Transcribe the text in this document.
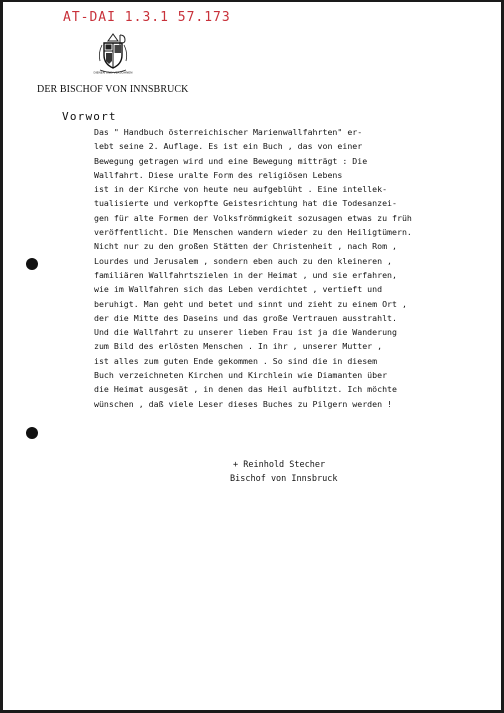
AT-DAI 1.3.1 57.173
DIENEN UND VERSÖHNEN
DER BISCHOF VON INNSBRUCK
Vorwort
Das " Handbuch österreichischer Marienwallfahrten" er-
lebt seine 2. Auflage. Es ist ein Buch , das von einer
Bewegung getragen wird und eine Bewegung mitträgt : Die
Wallfahrt. Diese uralte Form des religiösen Lebens
ist in der Kirche von heute neu aufgeblüht . Eine intellek-
tualisierte und verkopfte Geistesrichtung hat die Todesanzei-
gen für alte Formen der Volksfrömmigkeit sozusagen etwas zu früh
veröffentlicht. Die Menschen wandern wieder zu den Heiligtümern.
Nicht nur zu den großen Stätten der Christenheit , nach Rom ,
Lourdes und Jerusalem , sondern eben auch zu den kleineren ,
familiären Wallfahrtszielen in der Heimat , und sie erfahren,
wie im Wallfahren sich das Leben verdichtet , vertieft und
beruhigt. Man geht und betet und sinnt und zieht zu einem Ort ,
der die Mitte des Daseins und das große Vertrauen ausstrahlt.
Und die Wallfahrt zu unserer lieben Frau ist ja die Wanderung
zum Bild des erlösten Menschen . In ihr , unserer Mutter ,
ist alles zum guten Ende gekommen . So sind die in diesem
Buch verzeichneten Kirchen und Kirchlein wie Diamanten über
die Heimat ausgesät , in denen das Heil aufblitzt. Ich möchte
wünschen , daß viele Leser dieses Buches zu Pilgern werden !
+ Reinhold Stecher
Bischof von Innsbruck
